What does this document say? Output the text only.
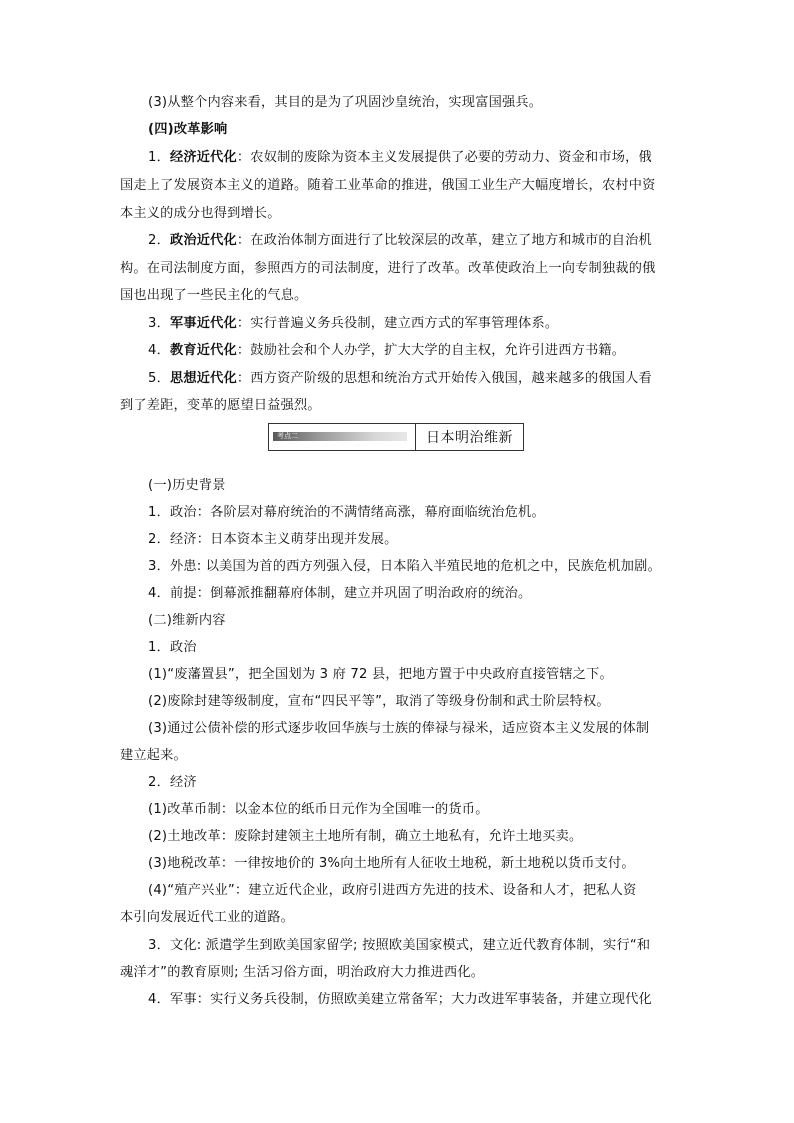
(3)从整个内容来看，其目的是为了巩固沙皇统治，实现富国强兵。
(四)改革影响
1．经济近代化：农奴制的废除为资本主义发展提供了必要的劳动力、资金和市场，俄
国走上了发展资本主义的道路。随着工业革命的推进，俄国工业生产大幅度增长，农村中资
本主义的成分也得到增长。
2．政治近代化：在政治体制方面进行了比较深层的改革，建立了地方和城市的自治机
构。在司法制度方面，参照西方的司法制度，进行了改革。改革使政治上一向专制独裁的俄
国也出现了一些民主化的气息。
3．军事近代化：实行普遍义务兵役制，建立西方式的军事管理体系。
4．教育近代化：鼓励社会和个人办学，扩大大学的自主权，允许引进西方书籍。
5．思想近代化：西方资产阶级的思想和统治方式开始传入俄国，越来越多的俄国人看
到了差距，变革的愿望日益强烈。
考点二	日本明治维新
(一)历史背景
1．政治：各阶层对幕府统治的不满情绪高涨，幕府面临统治危机。
2．经济：日本资本主义萌芽出现并发展。
3．外患: 以美国为首的西方列强入侵，日本陷入半殖民地的危机之中，民族危机加剧。
4．前提：倒幕派推翻幕府体制，建立并巩固了明治政府的统治。
(二)维新内容
1．政治
(1)“废藩置县”，把全国划为 3 府 72 县，把地方置于中央政府直接管辖之下。
(2)废除封建等级制度，宣布“四民平等”，取消了等级身份制和武士阶层特权。
(3)通过公债补偿的形式逐步收回华族与士族的俸禄与禄米，适应资本主义发展的体制
建立起来。
2．经济
(1)改革币制：以金本位的纸币日元作为全国唯一的货币。
(2)土地改革：废除封建领主土地所有制，确立土地私有，允许土地买卖。
(3)地税改革：一律按地价的 3%向土地所有人征收土地税，新土地税以货币支付。
(4)“殖产兴业”：建立近代企业，政府引进西方先进的技术、设备和人才，把私人资
本引向发展近代工业的道路。
3．文化: 派遣学生到欧美国家留学; 按照欧美国家模式，建立近代教育体制，实行“和
魂洋才”的教育原则; 生活习俗方面，明治政府大力推进西化。
4．军事：实行义务兵役制，仿照欧美建立常备军；大力改进军事装备，并建立现代化
